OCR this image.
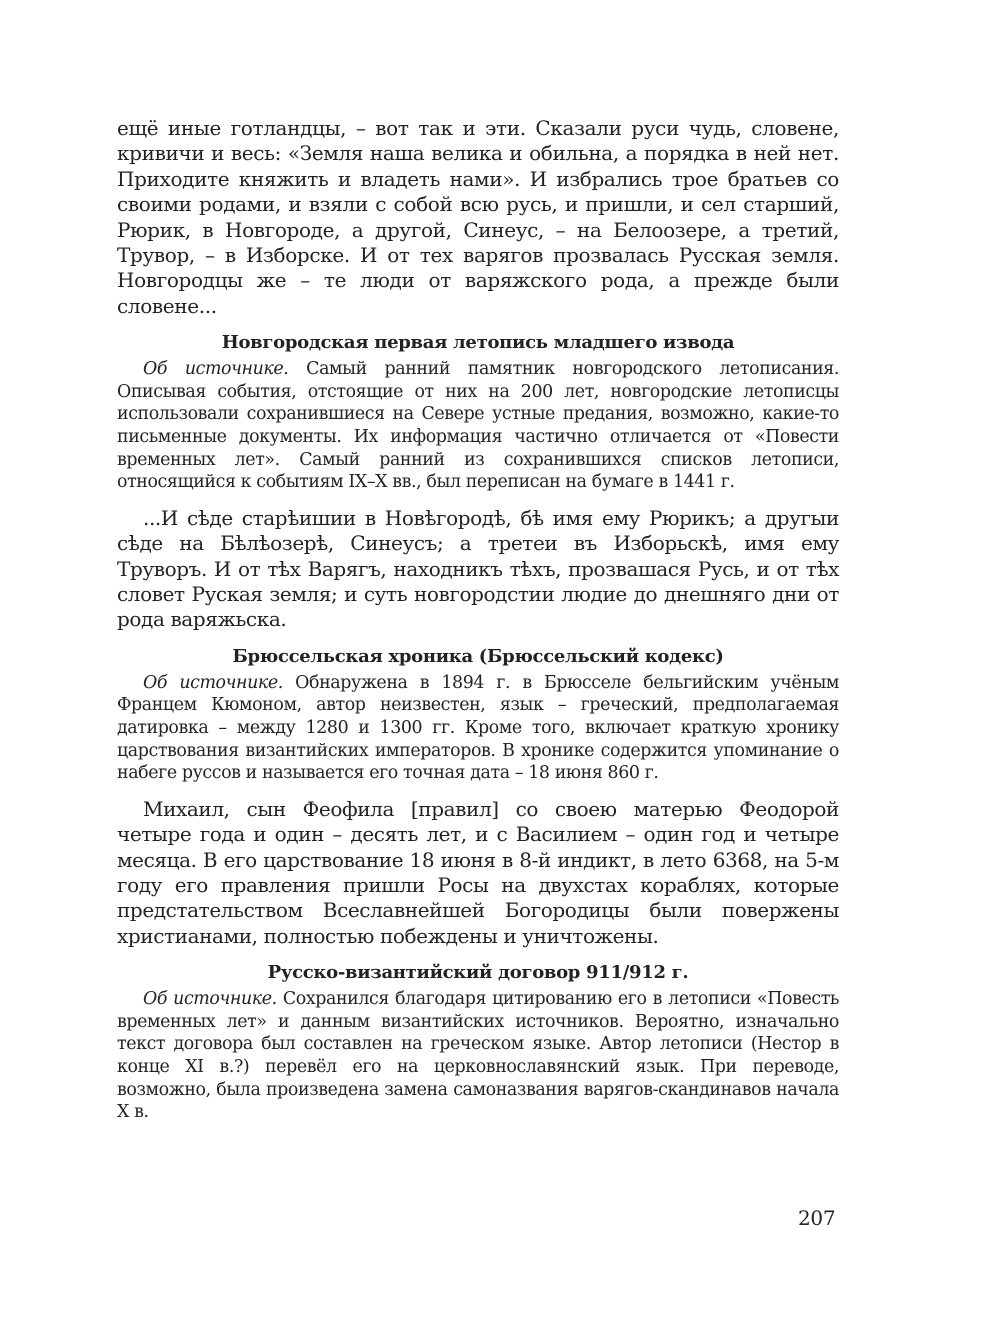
ещё иные готландцы, – вот так и эти. Сказали руси чудь, словене, кривичи и весь: «Земля наша велика и обильна, а порядка в ней нет. Приходите княжить и владеть нами». И избрались трое братьев со своими родами, и взяли с собой всю русь, и пришли, и сел старший, Рюрик, в Новгороде, а другой, Синеус, – на Белоозере, а третий, Трувор, – в Изборске. И от тех варягов прозвалась Русская земля. Новгородцы же – те люди от варяжского рода, а прежде были словене...

Новгородская первая летопись младшего извода

Об источнике. Самый ранний памятник новгородского летописания. Описывая события, отстоящие от них на 200 лет, новгородские летописцы использовали сохранившиеся на Севере устные предания, возможно, какие-то письменные документы. Их информация частично отличается от «Повести временных лет». Самый ранний из сохранившихся списков летописи, относящийся к событиям IX–X вв., был переписан на бумаге в 1441 г.

...И сѣде старѣишии в Новѣгородѣ, бѣ имя ему Рюрикъ; а другыи сѣде на Бѣлѣозерѣ, Синеусъ; а третеи въ Изборьскѣ, имя ему Труворъ. И от тѣх Варягъ, находникъ тѣхъ, прозвашася Русь, и от тѣх словет Руская земля; и суть новгородстии людие до днешняго дни от рода варяжьска.

Брюссельская хроника (Брюссельский кодекс)

Об источнике. Обнаружена в 1894 г. в Брюсселе бельгийским учёным Францем Кюмоном, автор неизвестен, язык – греческий, предполагаемая датировка – между 1280 и 1300 гг. Кроме того, включает краткую хронику царствования византийских императоров. В хронике содержится упоминание о набеге руссов и называется его точная дата – 18 июня 860 г.

Михаил, сын Феофила [правил] со своею матерью Феодорой четыре года и один – десять лет, и с Василием – один год и четыре месяца. В его царствование 18 июня в 8-й индикт, в лето 6368, на 5-м году его правления пришли Росы на двухстах кораблях, которые предстательством Всеславнейшей Богородицы были повержены христианами, полностью побеждены и уничтожены.

Русско-византийский договор 911/912 г.

Об источнике. Сохранился благодаря цитированию его в летописи «Повесть временных лет» и данным византийских источников. Вероятно, изначально текст договора был составлен на греческом языке. Автор летописи (Нестор в конце XI в.?) перевёл его на церковнославянский язык. При переводе, возможно, была произведена замена самоназвания варягов-скандинавов начала X в.

207
